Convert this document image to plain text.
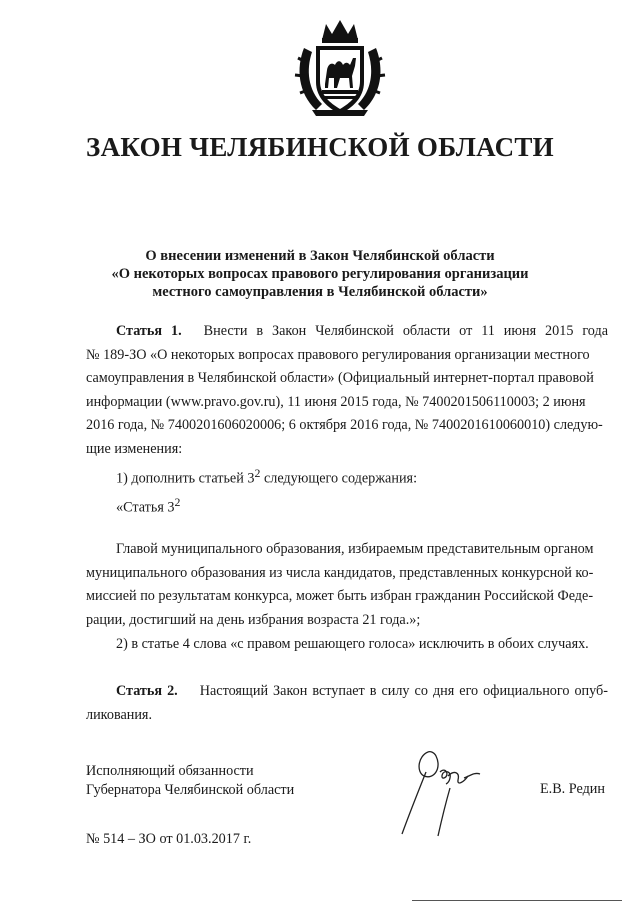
ЗАКОН ЧЕЛЯБИНСКОЙ ОБЛАСТИ
О внесении изменений в Закон Челябинской области
«О некоторых вопросах правового регулирования организации
местного самоуправления в Челябинской области»

Статья 1. Внести в Закон Челябинской области от 11 июня 2015 года

№ 189-ЗО «О некоторых вопросах правового регулирования организации местного
самоуправления в Челябинской области» (Официальный интернет-портал правовой
информации (www.pravo.gov.ru), 11 июня 2015 года, № 7400201506110003; 2 июня
2016 года, № 7400201606020006; 6 октября 2016 года, № 7400201610060010) следую-
щие изменения:

1) дополнить статьей $3^2$ следующего содержания:

«Статья $3^2$

Главой муниципального образования, избираемым представительным органом
муниципального образования из числа кандидатов, представленных конкурсной ко-
миссией по результатам конкурса, может быть избран гражданин Российской Феде-
рации, достигший на день избрания возраста 21 года.»;

2) в статье 4 слова «с правом решающего голоса» исключить в обоих случаях.

Статья 2. Настоящий Закон вступает в силу со дня его официального опуб-

ликования.

Исполняющий обязанности
Губернатора Челябинской области	Е.В. Редин
№ 514 – ЗО от 01.03.2017 г.
